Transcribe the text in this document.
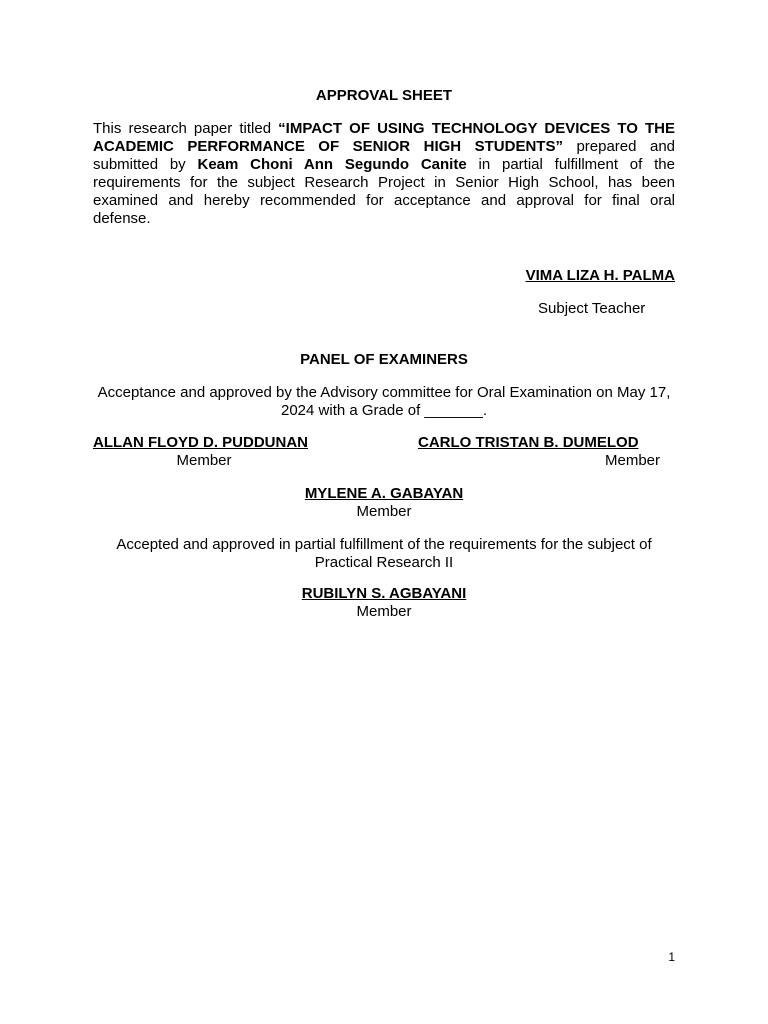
APPROVAL SHEET

This research paper titled “IMPACT OF USING TECHNOLOGY DEVICES TO THE ACADEMIC PERFORMANCE OF SENIOR HIGH STUDENTS” prepared and submitted by Keam Choni Ann Segundo Canite in partial fulfillment of the requirements for the subject Research Project in Senior High School, has been examined and hereby recommended for acceptance and approval for final oral defense.

VIMA LIZA H. PALMA
Subject Teacher
PANEL OF EXAMINERS
Acceptance and approved by the Advisory committee for Oral Examination on May 17, 2024 with a Grade of _______.
ALLAN FLOYD D. PUDDUNAN
Member
CARLO TRISTAN B. DUMELOD
Member
MYLENE A. GABAYAN
Member
Accepted and approved in partial fulfillment of the requirements for the subject of Practical Research II
RUBILYN S. AGBAYANI
Member
1
